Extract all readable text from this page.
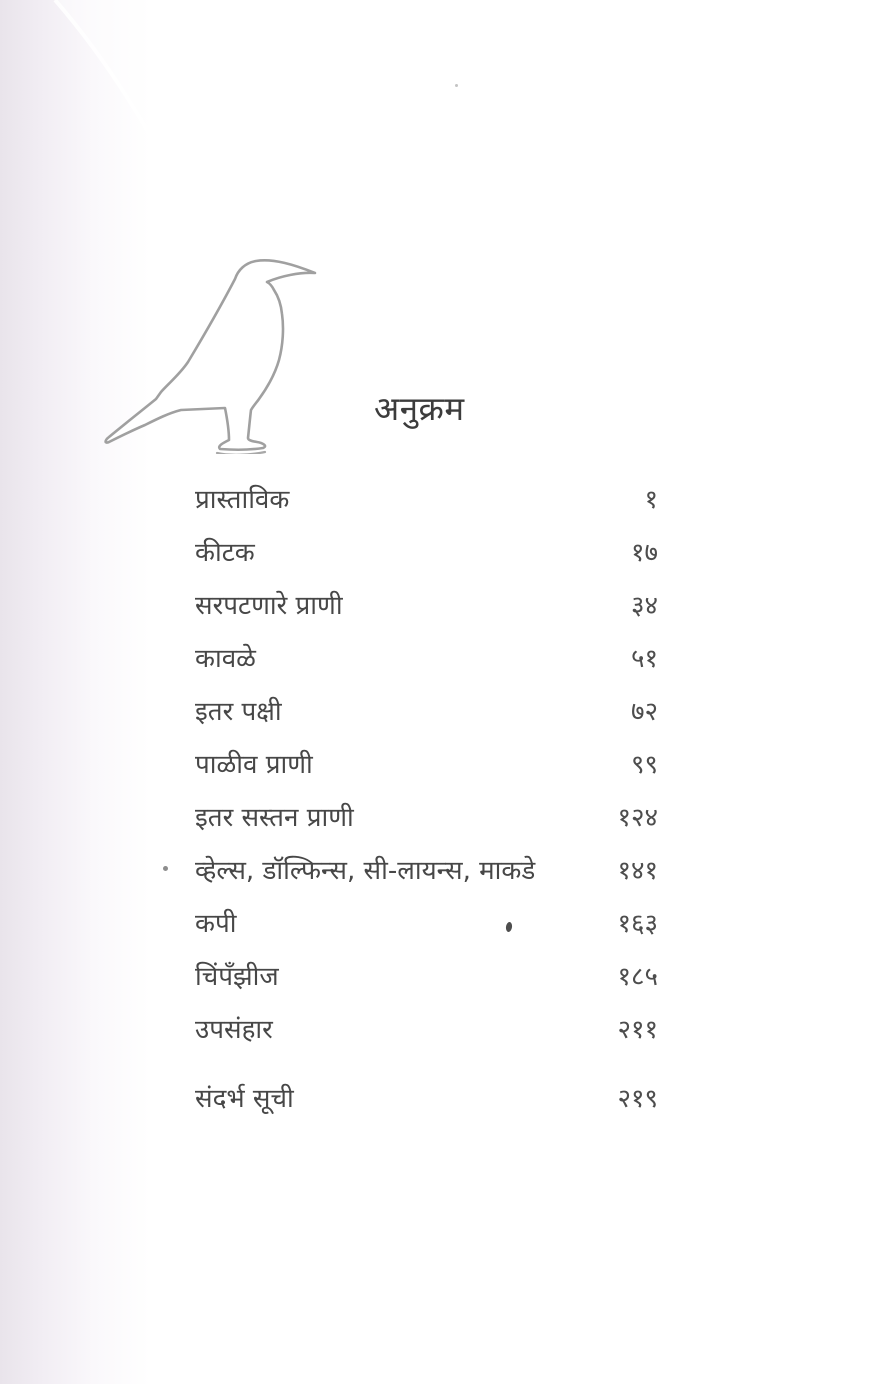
अनुक्रम
प्रास्ताविक	१
कीटक	१७
सरपटणारे प्राणी	३४
कावळे	५१
इतर पक्षी	७२
पाळीव प्राणी	९९
इतर सस्तन प्राणी	१२४
व्हेल्स, डॉल्फिन्स, सी-लायन्स, माकडे	१४१
कपी	१६३
चिंपँझीज	१८५
उपसंहार	२११
संदर्भ सूची	२१९
